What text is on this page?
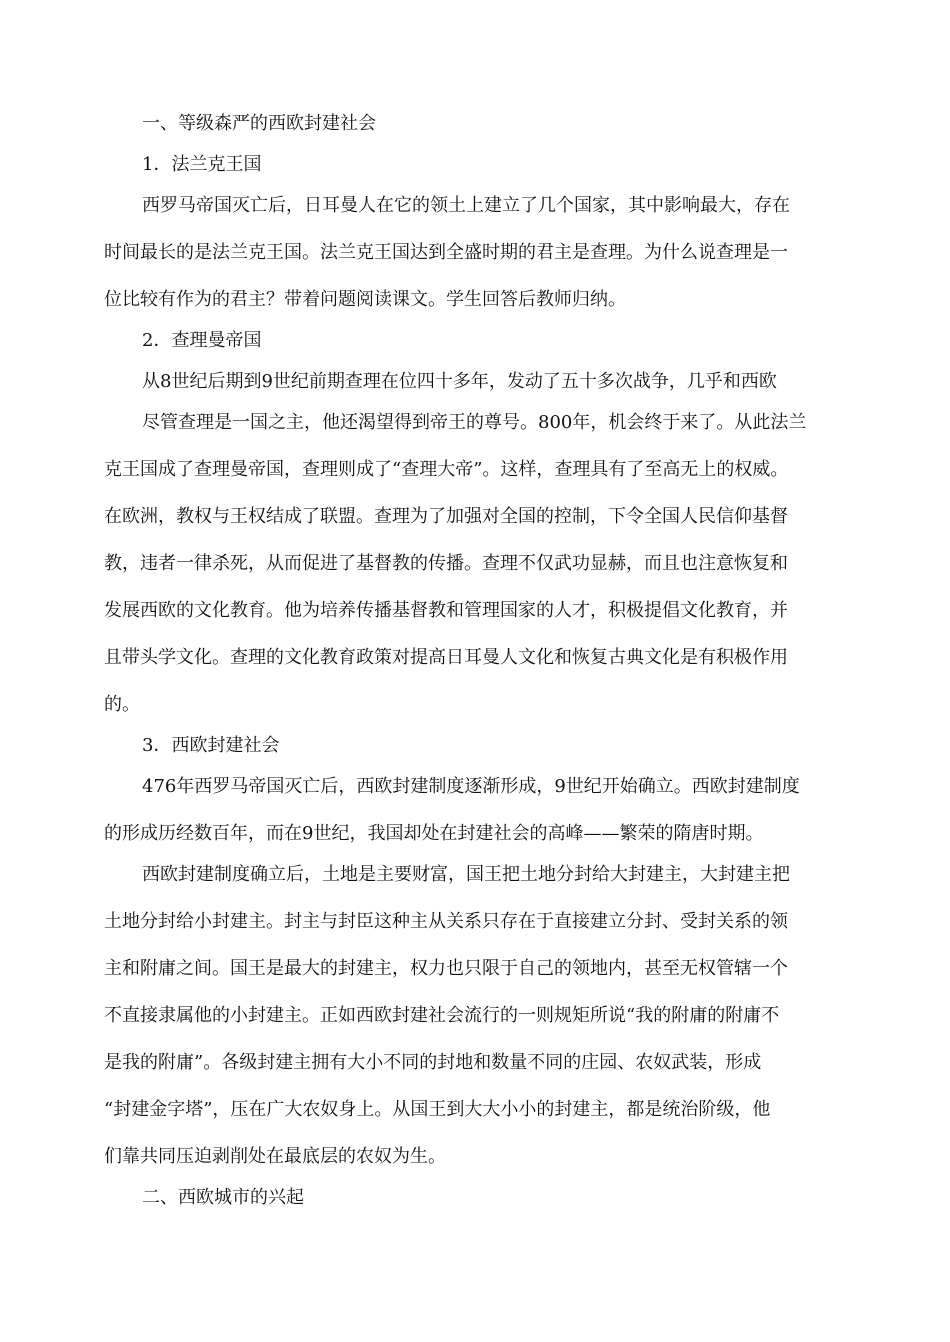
一、等级森严的西欧封建社会

1．法兰克王国

西罗马帝国灭亡后，日耳曼人在它的领土上建立了几个国家，其中影响最大，存在

时间最长的是法兰克王国。法兰克王国达到全盛时期的君主是查理。为什么说查理是一

位比较有作为的君主？带着问题阅读课文。学生回答后教师归纳。

2．查理曼帝国

从8世纪后期到9世纪前期查理在位四十多年，发动了五十多次战争，几乎和西欧

尽管查理是一国之主，他还渴望得到帝王的尊号。800年，机会终于来了。从此法兰

克王国成了查理曼帝国，查理则成了“查理大帝”。这样，查理具有了至高无上的权威。

在欧洲，教权与王权结成了联盟。查理为了加强对全国的控制，下令全国人民信仰基督

教，违者一律杀死，从而促进了基督教的传播。查理不仅武功显赫，而且也注意恢复和

发展西欧的文化教育。他为培养传播基督教和管理国家的人才，积极提倡文化教育，并

且带头学文化。查理的文化教育政策对提高日耳曼人文化和恢复古典文化是有积极作用

的。

3．西欧封建社会

476年西罗马帝国灭亡后，西欧封建制度逐渐形成，9世纪开始确立。西欧封建制度

的形成历经数百年，而在9世纪，我国却处在封建社会的高峰——繁荣的隋唐时期。

西欧封建制度确立后，土地是主要财富，国王把土地分封给大封建主，大封建主把

土地分封给小封建主。封主与封臣这种主从关系只存在于直接建立分封、受封关系的领

主和附庸之间。国王是最大的封建主，权力也只限于自己的领地内，甚至无权管辖一个

不直接隶属他的小封建主。正如西欧封建社会流行的一则规矩所说“我的附庸的附庸不

是我的附庸”。各级封建主拥有大小不同的封地和数量不同的庄园、农奴武装，形成

“封建金字塔”，压在广大农奴身上。从国王到大大小小的封建主，都是统治阶级，他

们靠共同压迫剥削处在最底层的农奴为生。

二、西欧城市的兴起
